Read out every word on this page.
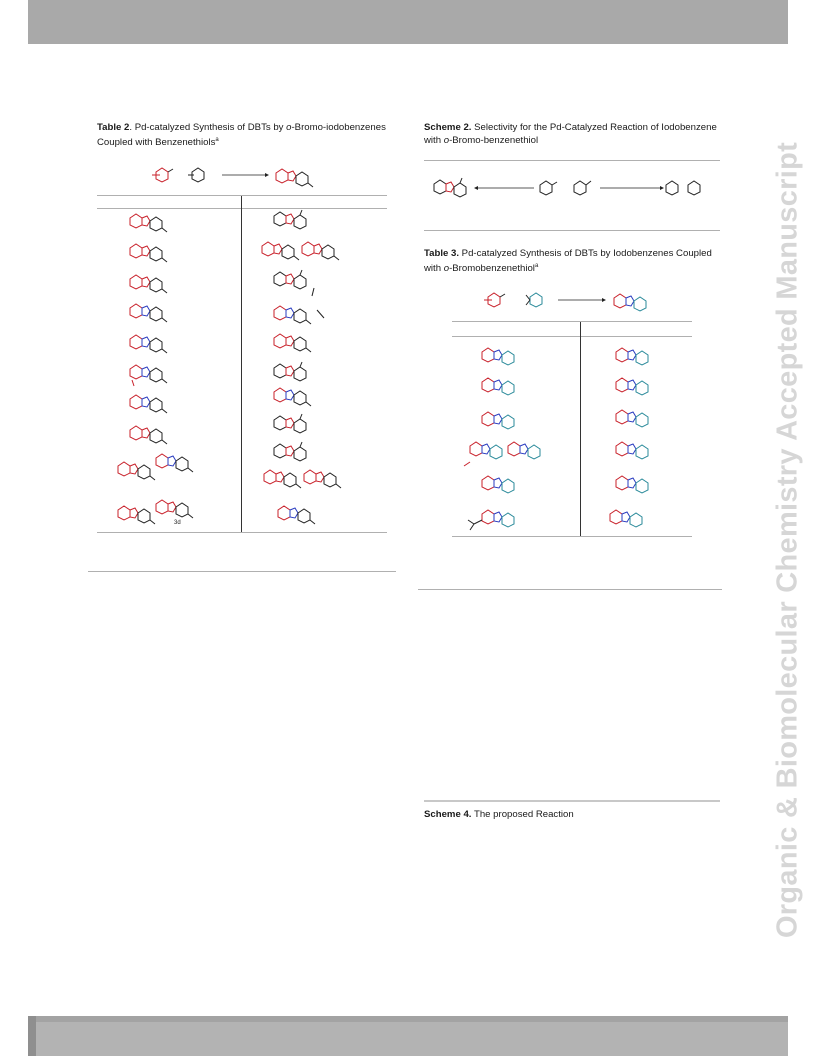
Organic & Biomolecular Chemistry Accepted Manuscript
Table 2. Pd-catalyzed Synthesis of DBTs by o-Bromo-iodobenzenes Coupled with Benzenethiols$^a$
3d
Scheme 2. Selectivity for the Pd-Catalyzed Reaction of Iodobenzene with o-Bromo-benzenethiol
Table 3. Pd-catalyzed Synthesis of DBTs by Iodobenzenes Coupled with o-Bromobenzenethiol$^a$
Scheme 4. The proposed Reaction
